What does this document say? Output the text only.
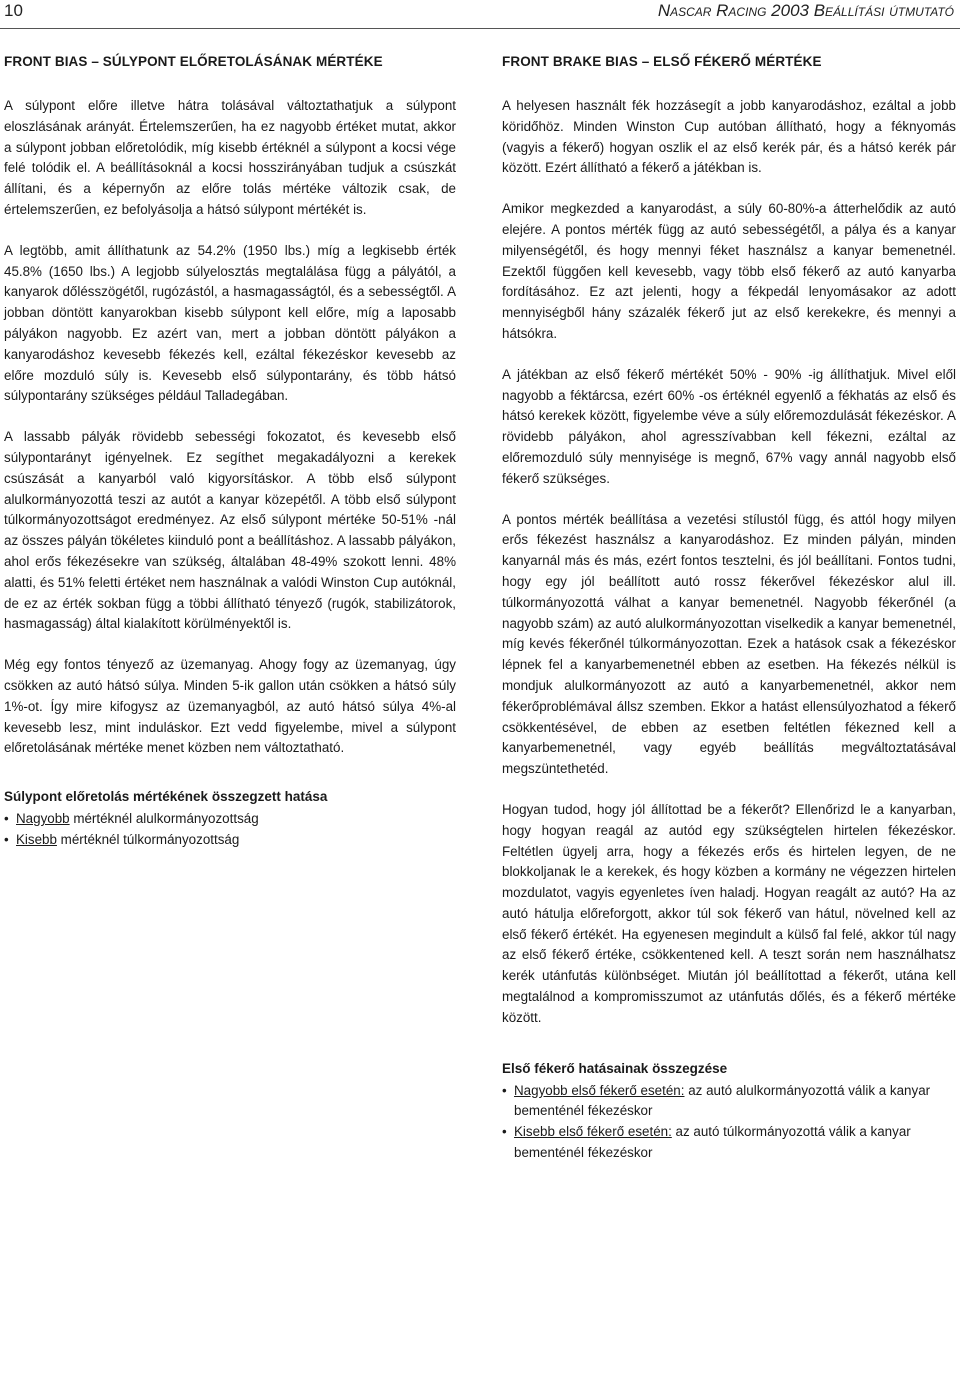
10	Nascar Racing 2003 Beállítási útmutató
FRONT BIAS – SÚLYPONT ELŐRETOLÁSÁNAK MÉRTÉKE

A súlypont előre illetve hátra tolásával változtathatjuk a súlypont eloszlásának arányát. Értelemszerűen, ha ez nagyobb értéket mutat, akkor a súlypont jobban előretolódik, míg kisebb értéknél a súlypont a kocsi vége felé tolódik el. A beállításoknál a kocsi hosszirányában tudjuk a csúszkát állítani, és a képernyőn az előre tolás mértéke változik csak, de értelemszerűen, ez befolyásolja a hátsó súlypont mértékét is.

A legtöbb, amit állíthatunk az 54.2% (1950 lbs.) míg a legkisebb érték 45.8% (1650 lbs.) A legjobb súlyelosztás megtalálása függ a pályától, a kanyarok dőlésszögétől, rugózástól, a hasmagasságtól, és a sebességtől. A jobban döntött kanyarokban kisebb súlypont kell előre, míg a laposabb pályákon nagyobb. Ez azért van, mert a jobban döntött pályákon a kanyarodáshoz kevesebb fékezés kell, ezáltal fékezéskor kevesebb az előre mozduló súly is. Kevesebb első súlypontarány, és több hátsó súlypontarány szükséges például Talladegában.

A lassabb pályák rövidebb sebességi fokozatot, és kevesebb első súlypontarányt igényelnek. Ez segíthet megakadályozni a kerekek csúszását a kanyarból való kigyorsításkor. A több első súlypont alulkormányozottá teszi az autót a kanyar közepétől. A több első súlypont túlkormányozottságot eredményez. Az első súlypont mértéke 50-51% -nál az összes pályán tökéletes kiinduló pont a beállításhoz. A lassabb pályákon, ahol erős fékezésekre van szükség, általában 48-49% szokott lenni. 48% alatti, és 51% feletti értéket nem használnak a valódi Winston Cup autóknál, de ez az érték sokban függ a többi állítható tényező (rugók, stabilizátorok, hasmagasság) által kialakított körülményektől is.

Még egy fontos tényező az üzemanyag. Ahogy fogy az üzemanyag, úgy csökken az autó hátsó súlya. Minden 5-ik gallon után csökken a hátsó súly 1%-ot. Így mire kifogysz az üzemanyagból, az autó hátsó súlya 4%-al kevesebb lesz, mint induláskor. Ezt vedd figyelembe, mivel a súlypont előretolásának mértéke menet közben nem változtatható.

Súlypont előretolás mértékének összegzett hatása
• Nagyobb mértéknél alulkormányozottság
• Kisebb mértéknél túlkormányozottság
FRONT BRAKE BIAS – ELSŐ FÉKERŐ MÉRTÉKE

A helyesen használt fék hozzásegít a jobb kanyarodáshoz, ezáltal a jobb köridőhöz. Minden Winston Cup autóban állítható, hogy a féknyomás (vagyis a fékerő) hogyan oszlik el az első kerék pár, és a hátsó kerék pár között. Ezért állítható a fékerő a játékban is.

Amikor megkezded a kanyarodást, a súly 60-80%-a átterhelődik az autó elejére. A pontos mérték függ az autó sebességétől, a pálya és a kanyar milyenségétől, és hogy mennyi féket használsz a kanyar bemenetnél. Ezektől függően kell kevesebb, vagy több első fékerő az autó kanyarba fordításához. Ez azt jelenti, hogy a fékpedál lenyomásakor az adott mennyiségből hány százalék fékerő jut az első kerekekre, és mennyi a hátsókra.

A játékban az első fékerő mértékét 50% - 90% -ig állíthatjuk. Mivel elől nagyobb a féktárcsa, ezért 60% -os értéknél egyenlő a fékhatás az első és hátsó kerekek között, figyelembe véve a súly előremozdulását fékezéskor. A rövidebb pályákon, ahol agresszívabban kell fékezni, ezáltal az előremozduló súly mennyisége is megnő, 67% vagy annál nagyobb első fékerő szükséges.

A pontos mérték beállítása a vezetési stílustól függ, és attól hogy milyen erős fékezést használsz a kanyarodáshoz. Ez minden pályán, minden kanyarnál más és más, ezért fontos tesztelni, és jól beállítani. Fontos tudni, hogy egy jól beállított autó rossz fékerővel fékezéskor alul ill. túlkormányozottá válhat a kanyar bemenetnél. Nagyobb fékerőnél (a nagyobb szám) az autó alulkormányozottan viselkedik a kanyar bemenetnél, míg kevés fékerőnél túlkormányozottan. Ezek a hatások csak a fékezéskor lépnek fel a kanyarbemenetnél ebben az esetben. Ha fékezés nélkül is mondjuk alulkormányozott az autó a kanyarbemenetnél, akkor nem fékerőproblémával állsz szemben. Ekkor a hatást ellensúlyozhatod a fékerő csökkentésével, de ebben az esetben feltétlen fékezned kell a kanyarbemenetnél, vagy egyéb beállítás megváltoztatásával megszüntethetéd.

Hogyan tudod, hogy jól állítottad be a fékerőt? Ellenőrizd le a kanyarban, hogy hogyan reagál az autód egy szükségtelen hirtelen fékezéskor. Feltétlen ügyelj arra, hogy a fékezés erős és hirtelen legyen, de ne blokkoljanak le a kerekek, és hogy közben a kormány ne végezzen hirtelen mozdulatot, vagyis egyenletes íven haladj. Hogyan reagált az autó? Ha az autó hátulja előreforgott, akkor túl sok fékerő van hátul, növelned kell az első fékerő értékét. Ha egyenesen megindult a külső fal felé, akkor túl nagy az első fékerő értéke, csökkentened kell. A teszt során nem használhatsz kerék utánfutás különbséget. Miután jól beállítottad a fékerőt, utána kell megtalálnod a kompromisszumot az utánfutás dőlés, és a fékerő mértéke között.

Első fékerő hatásainak összegzése
• Nagyobb első fékerő esetén: az autó alulkormányozottá válik a kanyar bementénél fékezéskor
• Kisebb első fékerő esetén: az autó túlkormányozottá válik a kanyar bementénél fékezéskor
